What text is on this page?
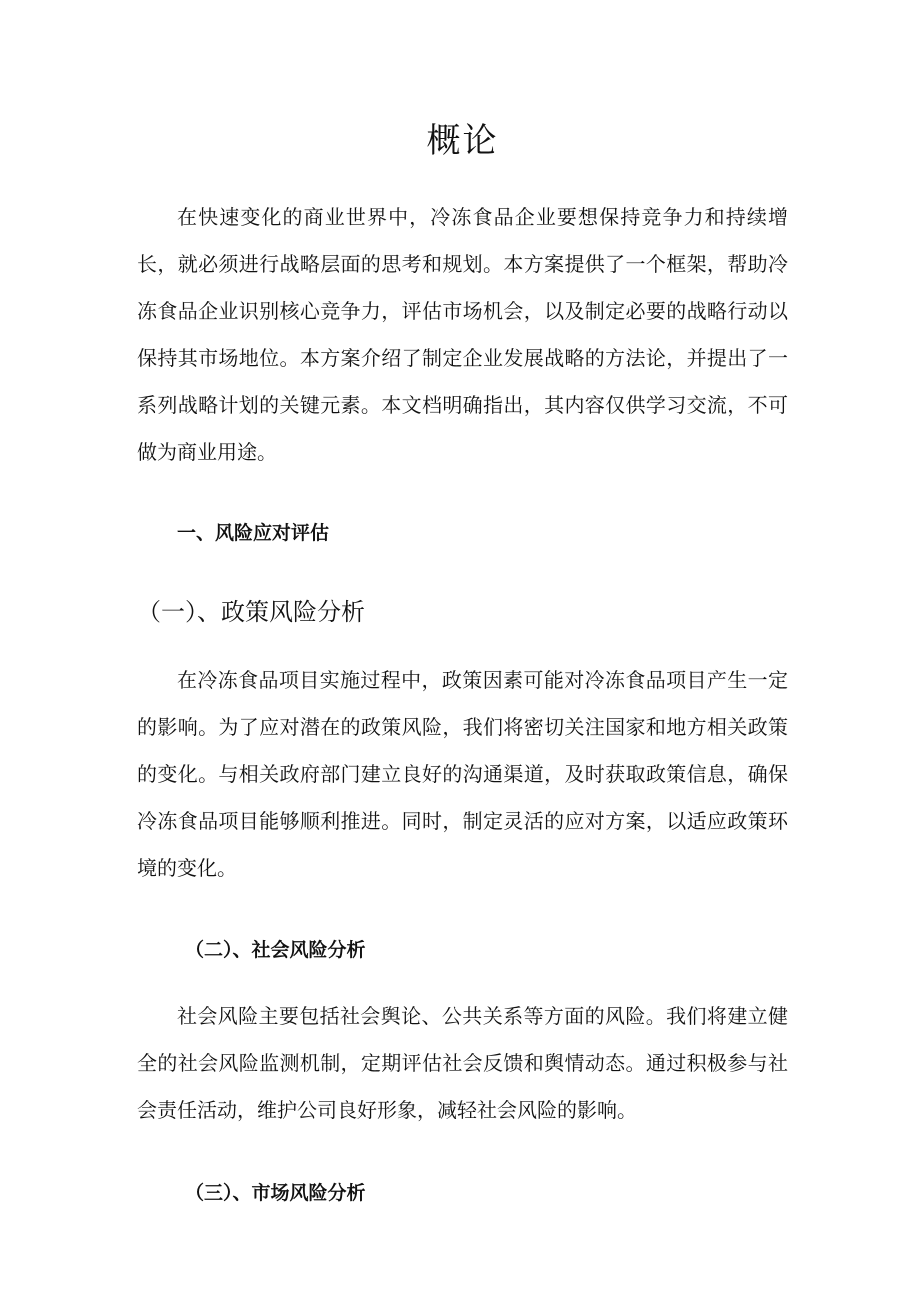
概论

在快速变化的商业世界中，冷冻食品企业要想保持竞争力和持续增长，就必须进行战略层面的思考和规划。本方案提供了一个框架，帮助冷冻食品企业识别核心竞争力，评估市场机会，以及制定必要的战略行动以保持其市场地位。本方案介绍了制定企业发展战略的方法论，并提出了一系列战略计划的关键元素。本文档明确指出，其内容仅供学习交流，不可做为商业用途。

一、风险应对评估
（一）、政策风险分析

在冷冻食品项目实施过程中，政策因素可能对冷冻食品项目产生一定的影响。为了应对潜在的政策风险，我们将密切关注国家和地方相关政策的变化。与相关政府部门建立良好的沟通渠道，及时获取政策信息，确保冷冻食品项目能够顺利推进。同时，制定灵活的应对方案，以适应政策环境的变化。

（二）、社会风险分析

社会风险主要包括社会舆论、公共关系等方面的风险。我们将建立健全的社会风险监测机制，定期评估社会反馈和舆情动态。通过积极参与社会责任活动，维护公司良好形象，减轻社会风险的影响。

（三）、市场风险分析
